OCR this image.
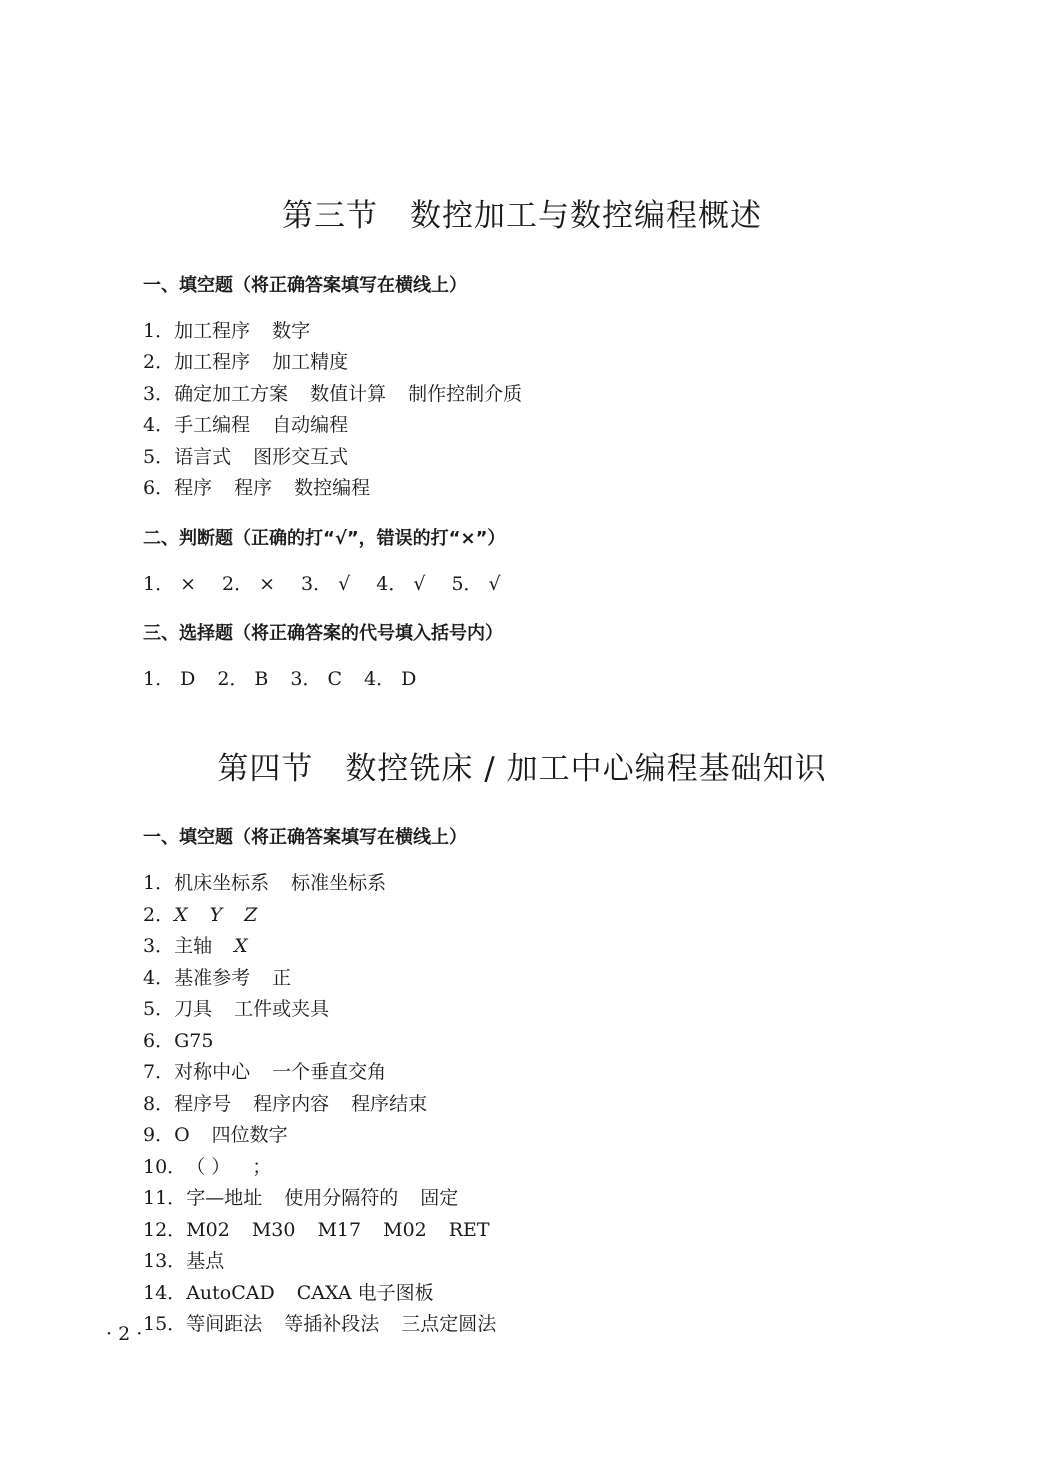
第三节　数控加工与数控编程概述
一、填空题（将正确答案填写在横线上）
1．加工程序 数字
2．加工程序 加工精度
3．确定加工方案 数值计算 制作控制介质
4．手工编程 自动编程
5．语言式 图形交互式
6．程序 程序 数控编程
二、判断题（正确的打“√”，错误的打“×”）
1． × 2． × 3． √ 4． √ 5． √
三、选择题（将正确答案的代号填入括号内）
1． D 2． B 3． C 4． D
第四节　数控铣床 / 加工中心编程基础知识
一、填空题（将正确答案填写在横线上）
1．机床坐标系 标准坐标系
2．X Y Z
3．主轴 X
4．基准参考 正
5．刀具 工件或夹具
6．G75
7．对称中心 一个垂直交角
8．程序号 程序内容 程序结束
9．O 四位数字
10．（ ） ；
11．字—地址 使用分隔符的 固定
12．M02 M30 M17 M02 RET
13．基点
14．AutoCAD CAXA 电子图板
15．等间距法 等插补段法 三点定圆法
· 2 ·
